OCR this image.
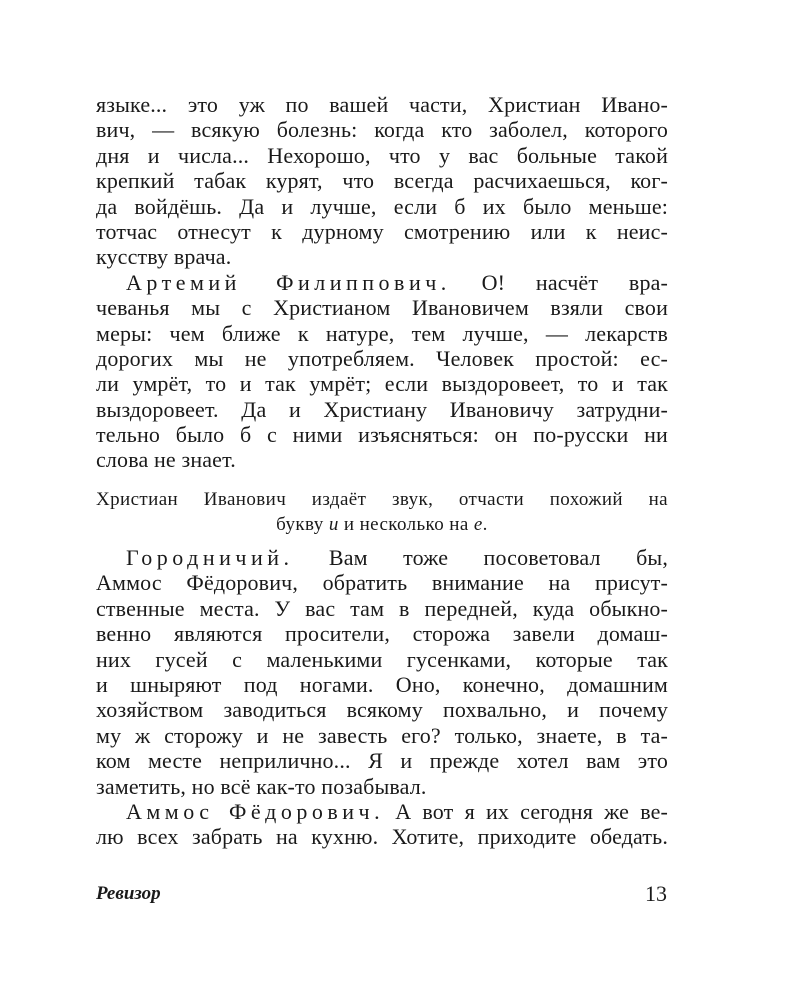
языке... это уж по вашей части, Христиан Ивано-
вич, — всякую болезнь: когда кто заболел, которого
дня и числа... Нехорошо, что у вас больные такой
крепкий табак курят, что всегда расчихаешься, ког-
да войдёшь. Да и лучше, если б их было меньше:
тотчас отнесут к дурному смотрению или к неис-
кусству врача.
Артемий Филиппович. О! насчёт вра-
чеванья мы с Христианом Ивановичем взяли свои
меры: чем ближе к натуре, тем лучше, — лекарств
дорогих мы не употребляем. Человек простой: ес-
ли умрёт, то и так умрёт; если выздоровеет, то и так
выздоровеет. Да и Христиану Ивановичу затрудни-
тельно было б с ними изъясняться: он по-русски ни
слова не знает.
Христиан Иванович издаёт звук, отчасти похожий на
букву и и несколько на е.
Городничий. Вам тоже посоветовал бы,
Аммос Фёдорович, обратить внимание на присут-
ственные места. У вас там в передней, куда обыкно-
венно являются просители, сторожа завели домаш-
них гусей с маленькими гусенками, которые так
и шныряют под ногами. Оно, конечно, домашним
хозяйством заводиться всякому похвально, и почему
му ж сторожу и не завесть его? только, знаете, в та-
ком месте неприлично... Я и прежде хотел вам это
заметить, но всё как-то позабывал.
Аммос Фёдорович. А вот я их сегодня же ве-
лю всех забрать на кухню. Хотите, приходите обедать.
Ревизор	13
